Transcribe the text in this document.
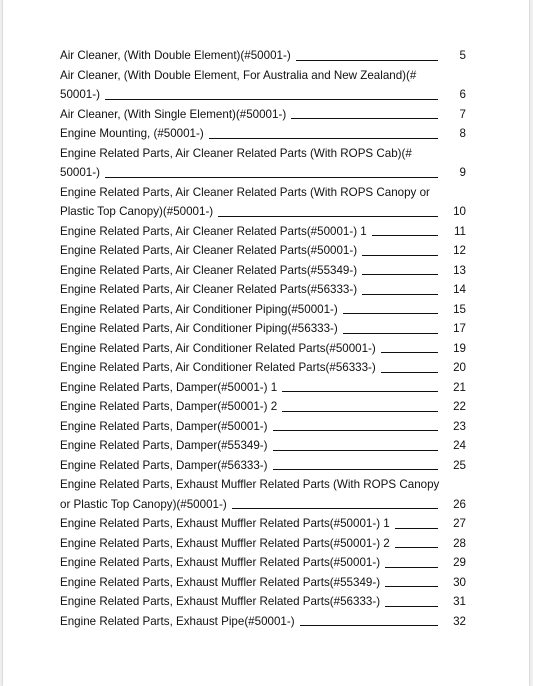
Air Cleaner, (With Double Element)(#50001-)	5
Air Cleaner, (With Double Element, For Australia and New Zealand)(#
50001-)	6
Air Cleaner, (With Single Element)(#50001-)	7
Engine Mounting, (#50001-)	8
Engine Related Parts, Air Cleaner Related Parts (With ROPS Cab)(#
50001-)	9
Engine Related Parts, Air Cleaner Related Parts (With ROPS Canopy or
Plastic Top Canopy)(#50001-)	10
Engine Related Parts, Air Cleaner Related Parts(#50001-) 1	11
Engine Related Parts, Air Cleaner Related Parts(#50001-)	12
Engine Related Parts, Air Cleaner Related Parts(#55349-)	13
Engine Related Parts, Air Cleaner Related Parts(#56333-)	14
Engine Related Parts, Air Conditioner Piping(#50001-)	15
Engine Related Parts, Air Conditioner Piping(#56333-)	17
Engine Related Parts, Air Conditioner Related Parts(#50001-)	19
Engine Related Parts, Air Conditioner Related Parts(#56333-)	20
Engine Related Parts, Damper(#50001-) 1	21
Engine Related Parts, Damper(#50001-) 2	22
Engine Related Parts, Damper(#50001-)	23
Engine Related Parts, Damper(#55349-)	24
Engine Related Parts, Damper(#56333-)	25
Engine Related Parts, Exhaust Muffler Related Parts (With ROPS Canopy
or Plastic Top Canopy)(#50001-)	26
Engine Related Parts, Exhaust Muffler Related Parts(#50001-) 1	27
Engine Related Parts, Exhaust Muffler Related Parts(#50001-) 2	28
Engine Related Parts, Exhaust Muffler Related Parts(#50001-)	29
Engine Related Parts, Exhaust Muffler Related Parts(#55349-)	30
Engine Related Parts, Exhaust Muffler Related Parts(#56333-)	31
Engine Related Parts, Exhaust Pipe(#50001-)	32
